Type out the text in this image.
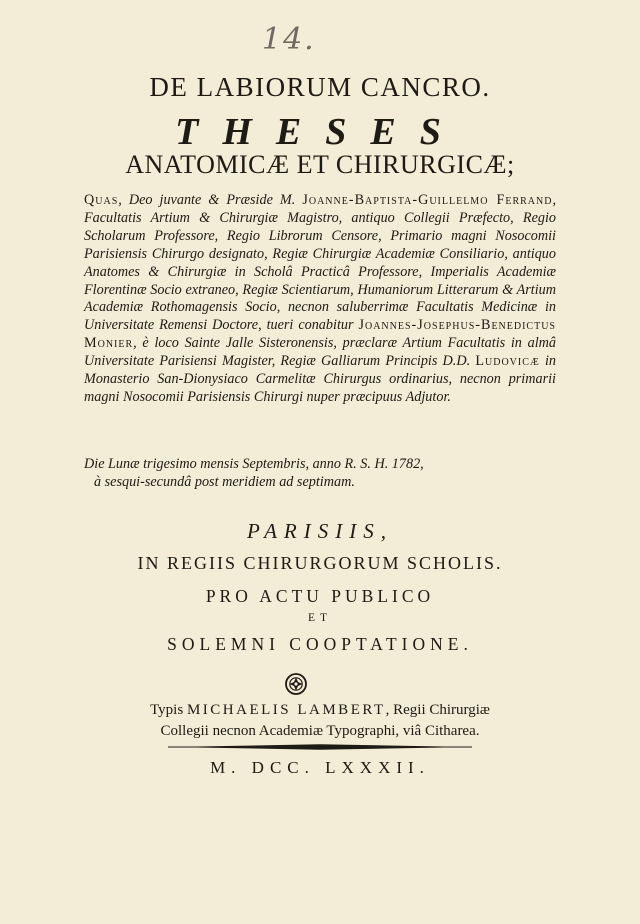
14.
DE LABIORUM CANCRO.
THESES
ANATOMICÆ ET CHIRURGICÆ;
Quas, Deo juvante & Præside M. Joanne-Baptista-Guillelmo Ferrand, Facultatis Artium & Chirurgiæ Magistro, antiquo Collegii Præfecto, Regio Scholarum Professore, Regio Librorum Censore, Primario magni Nosocomii Parisiensis Chirurgo designato, Regiæ Chirurgiæ Academiæ Consiliario, antiquo Anatomes & Chirurgiæ in Scholâ Practicâ Professore, Imperialis Academiæ Florentinæ Socio extraneo, Regiæ Scientiarum, Humaniorum Litterarum & Artium Academiæ Rothomagensis Socio, necnon saluberrimæ Facultatis Medicinæ in Universitate Remensi Doctore, tueri conabitur Joannes-Josephus-Benedictus Monier, è loco Sainte Jalle Sisteronensis, præclaræ Artium Facultatis in almâ Universitate Parisiensi Magister, Regiæ Galliarum Principis D.D. Ludovicæ in Monasterio San-Dionysiaco Carmelitæ Chirurgus ordinarius, necnon primarii magni Nosocomii Parisiensis Chirurgi nuper præcipuus Adjutor.
Die Lunæ trigesimo mensis Septembris, anno R. S. H. 1782,
à sesqui-secundâ post meridiem ad septimam.
PARISIIS,
IN REGIIS CHIRURGORUM SCHOLIS.
PRO ACTU PUBLICO
ET
SOLEMNI COOPTATIONE.
Typis MICHAELIS LAMBERT, Regii Chirurgiæ
Collegii necnon Academiæ Typographi, viâ Citharea.
M. DCC. LXXXII.
